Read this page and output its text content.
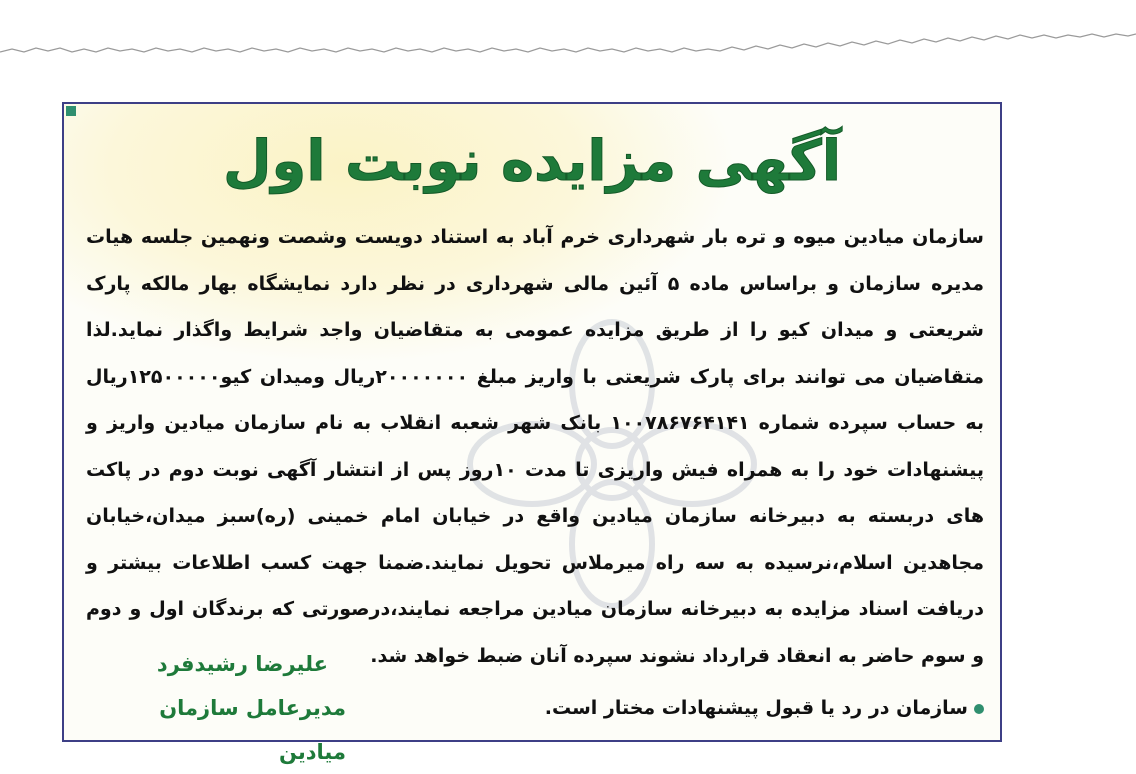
آگهی مزایده نوبت اول
سازمان میادین میوه و تره بار شهرداری خرم آباد به استناد دویست وشصت ونهمین جلسه هیات مدیره سازمان و براساس ماده ۵ آئین مالی شهرداری در نظر دارد نمایشگاه بهار مالکه پارک شریعتی و میدان کیو را از طریق مزایده عمومی به متقاضیان واجد شرایط واگذار نماید.لذا متقاضیان می توانند برای پارک شریعتی با واریز مبلغ ۲۰۰۰۰۰۰۰ریال ومیدان کیو۱۲۵۰۰۰۰۰ریال به حساب سپرده شماره ۱۰۰۷۸۶۷۶۴۱۴۱ بانک شهر شعبه انقلاب به نام سازمان میادین واریز و پیشنهادات خود را به همراه فیش واریزی تا مدت ۱۰روز پس از انتشار آگهی نوبت دوم در پاکت های دربسته به دبیرخانه سازمان میادین واقع در خیابان امام خمینی (ره)سبز میدان،خیابان مجاهدین اسلام،نرسیده به سه راه میرملاس تحویل نمایند.ضمنا جهت کسب اطلاعات بیشتر و دریافت اسناد مزایده به دبیرخانه سازمان میادین مراجعه نمایند،درصورتی که برندگان اول و دوم و سوم حاضر به انعقاد قرارداد نشوند سپرده آنان ضبط خواهد شد.
علیرضا رشیدفرد
مدیرعامل سازمان میادین
سازمان در رد یا قبول پیشنهادات مختار است.
